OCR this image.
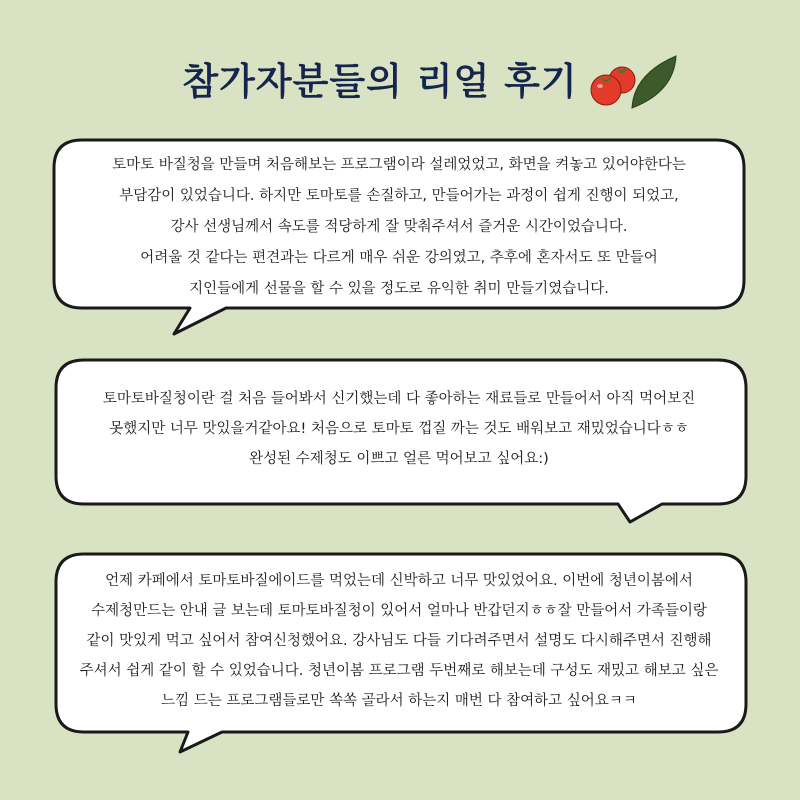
참가자분들의 리얼 후기
토마토 바질청을 만들며 처음해보는 프로그램이라 설레었었고, 화면을 켜놓고 있어야한다는
부담감이 있었습니다. 하지만 토마토를 손질하고, 만들어가는 과정이 쉽게 진행이 되었고,
강사 선생님께서 속도를 적당하게 잘 맞춰주셔서 즐거운 시간이었습니다.
어려울 것 같다는 편견과는 다르게 매우 쉬운 강의였고, 추후에 혼자서도 또 만들어
지인들에게 선물을 할 수 있을 정도로 유익한 취미 만들기였습니다.
토마토바질청이란 걸 처음 들어봐서 신기했는데 다 좋아하는 재료들로 만들어서 아직 먹어보진
못했지만 너무 맛있을거같아요! 처음으로 토마토 껍질 까는 것도 배워보고 재밌었습니다ㅎㅎ
완성된 수제청도 이쁘고 얼른 먹어보고 싶어요:)
언제 카페에서 토마토바질에이드를 먹었는데 신박하고 너무 맛있었어요. 이번에 청년이봄에서
수제청만드는 안내 글 보는데 토마토바질청이 있어서 얼마나 반갑던지ㅎㅎ잘 만들어서 가족들이랑
같이 맛있게 먹고 싶어서 참여신청했어요. 강사님도 다들 기다려주면서 설명도 다시해주면서 진행해
주셔서 쉽게 같이 할 수 있었습니다. 청년이봄 프로그램 두번째로 해보는데 구성도 재밌고 해보고 싶은
느낌 드는 프로그램들로만 쏙쏙 골라서 하는지 매번 다 참여하고 싶어요ㅋㅋ
